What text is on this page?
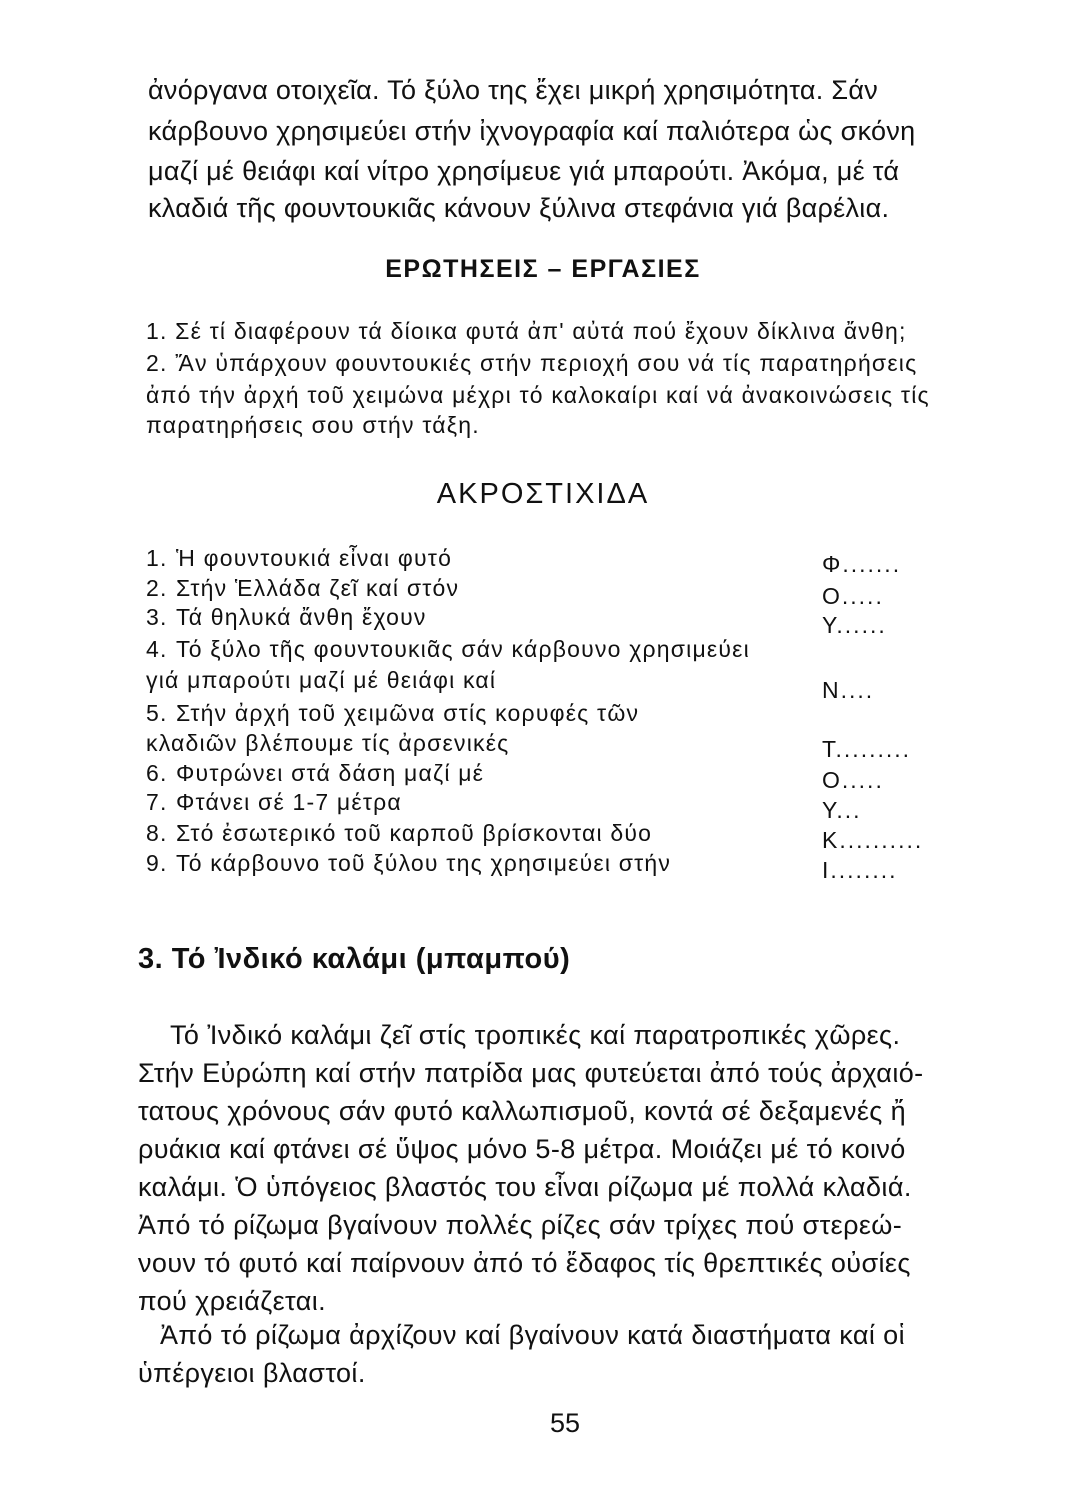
ἀνόργανα οτοιχεῖα. Τό ξύλο της ἔχει μικρή χρησιμότητα. Σάν
κάρβουνο χρησιμεύει στήν ἰχνογραφία καί παλιότερα ὡς σκόνη
μαζί μέ θειάφι καί νίτρο χρησίμευε γιά μπαρούτι. Ἀκόμα, μέ τά
κλαδιά τῆς φουντουκιᾶς κάνουν ξύλινα στεφάνια γιά βαρέλια.
ΕΡΩΤΗΣΕΙΣ – ΕΡΓΑΣΙΕΣ
1. Σέ τί διαφέρουν τά δίοικα φυτά ἀπ' αὐτά πού ἔχουν δίκλινα ἄνθη;
2. Ἄν ὑπάρχουν φουντουκιές στήν περιοχή σου νά τίς παρατηρήσεις
ἀπό τήν ἀρχή τοῦ χειμώνα μέχρι τό καλοκαίρι καί νά ἀνακοινώσεις τίς
παρατηρήσεις σου στήν τάξη.
ΑΚΡΟΣΤΙΧΙΔΑ
1. Ἡ φουντουκιά εἶναι φυτό	Φ.......
2. Στήν Ἑλλάδα ζεῖ καί στόν	Ο.....
3. Τά θηλυκά ἄνθη ἔχουν	Υ......
4. Τό ξύλο τῆς φουντουκιᾶς σάν κάρβουνο χρησιμεύει
γιά μπαρούτι μαζί μέ θειάφι καί	Ν....
5. Στήν ἀρχή τοῦ χειμῶνα στίς κορυφές τῶν
κλαδιῶν βλέπουμε τίς ἀρσενικές	Τ.........
6. Φυτρώνει στά δάση μαζί μέ	Ο.....
7. Φτάνει σέ 1-7 μέτρα	Υ...
8. Στό ἐσωτερικό τοῦ καρποῦ βρίσκονται δύο	Κ..........
9. Τό κάρβουνο τοῦ ξύλου της χρησιμεύει στήν	Ι........
3. Τό Ἰνδικό καλάμι (μπαμπού)
Τό Ἰνδικό καλάμι ζεῖ στίς τροπικές καί παρατροπικές χῶρες.
Στήν Εὐρώπη καί στήν πατρίδα μας φυτεύεται ἀπό τούς ἀρχαιό-
τατους χρόνους σάν φυτό καλλωπισμοῦ, κοντά σέ δεξαμενές ἤ
ρυάκια καί φτάνει σέ ὕψος μόνο 5-8 μέτρα. Μοιάζει μέ τό κοινό
καλάμι. Ὁ ὑπόγειος βλαστός του εἶναι ρίζωμα μέ πολλά κλαδιά.
Ἀπό τό ρίζωμα βγαίνουν πολλές ρίζες σάν τρίχες πού στερεώ-
νουν τό φυτό καί παίρνουν ἀπό τό ἔδαφος τίς θρεπτικές οὐσίες
πού χρειάζεται.
Ἀπό τό ρίζωμα ἀρχίζουν καί βγαίνουν κατά διαστήματα καί οἱ
ὑπέργειοι βλαστοί.
55
